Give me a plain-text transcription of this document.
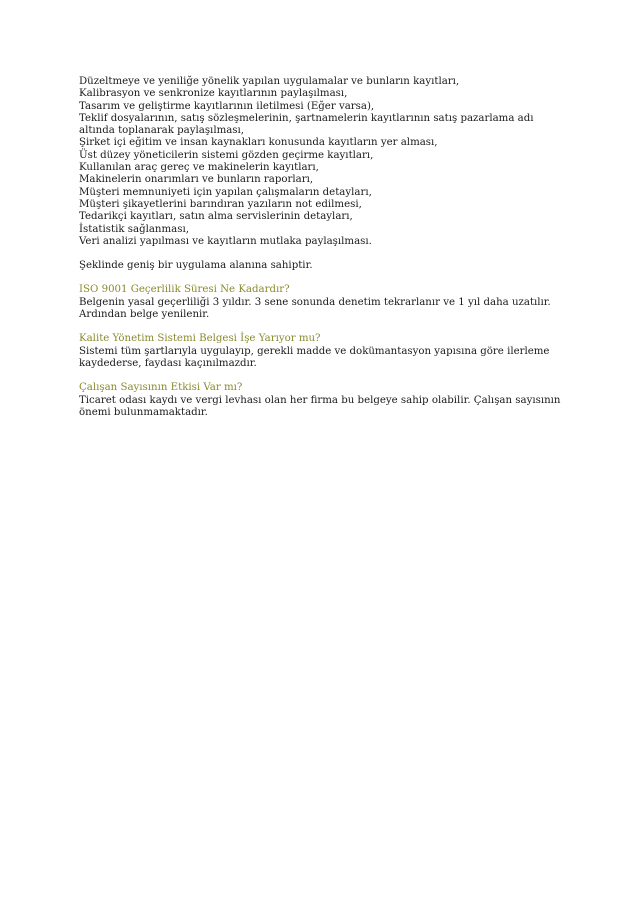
Düzeltmeye ve yeniliğe yönelik yapılan uygulamalar ve bunların kayıtları,
Kalibrasyon ve senkronize kayıtlarının paylaşılması,
Tasarım ve geliştirme kayıtlarının iletilmesi (Eğer varsa),
Teklif dosyalarının, satış sözleşmelerinin, şartnamelerin kayıtlarının satış pazarlama adı altında toplanarak paylaşılması,
Şirket içi eğitim ve insan kaynakları konusunda kayıtların yer alması,
Üst düzey yöneticilerin sistemi gözden geçirme kayıtları,
Kullanılan araç gereç ve makinelerin kayıtları,
Makinelerin onarımları ve bunların raporları,
Müşteri memnuniyeti için yapılan çalışmaların detayları,
Müşteri şikayetlerini barındıran yazıların not edilmesi,
Tedarikçi kayıtları, satın alma servislerinin detayları,
İstatistik sağlanması,
Veri analizi yapılması ve kayıtların mutlaka paylaşılması.

Şeklinde geniş bir uygulama alanına sahiptir.

ISO 9001 Geçerlilik Süresi Ne Kadardır?

Belgenin yasal geçerliliği 3 yıldır. 3 sene sonunda denetim tekrarlanır ve 1 yıl daha uzatılır. Ardından belge yenilenir.

Kalite Yönetim Sistemi Belgesi İşe Yarıyor mu?

Sistemi tüm şartlarıyla uygulayıp, gerekli madde ve dokümantasyon yapısına göre ilerleme kaydederse, faydası kaçınılmazdır.

Çalışan Sayısının Etkisi Var mı?

Ticaret odası kaydı ve vergi levhası olan her firma bu belgeye sahip olabilir. Çalışan sayısının önemi bulunmamaktadır.
